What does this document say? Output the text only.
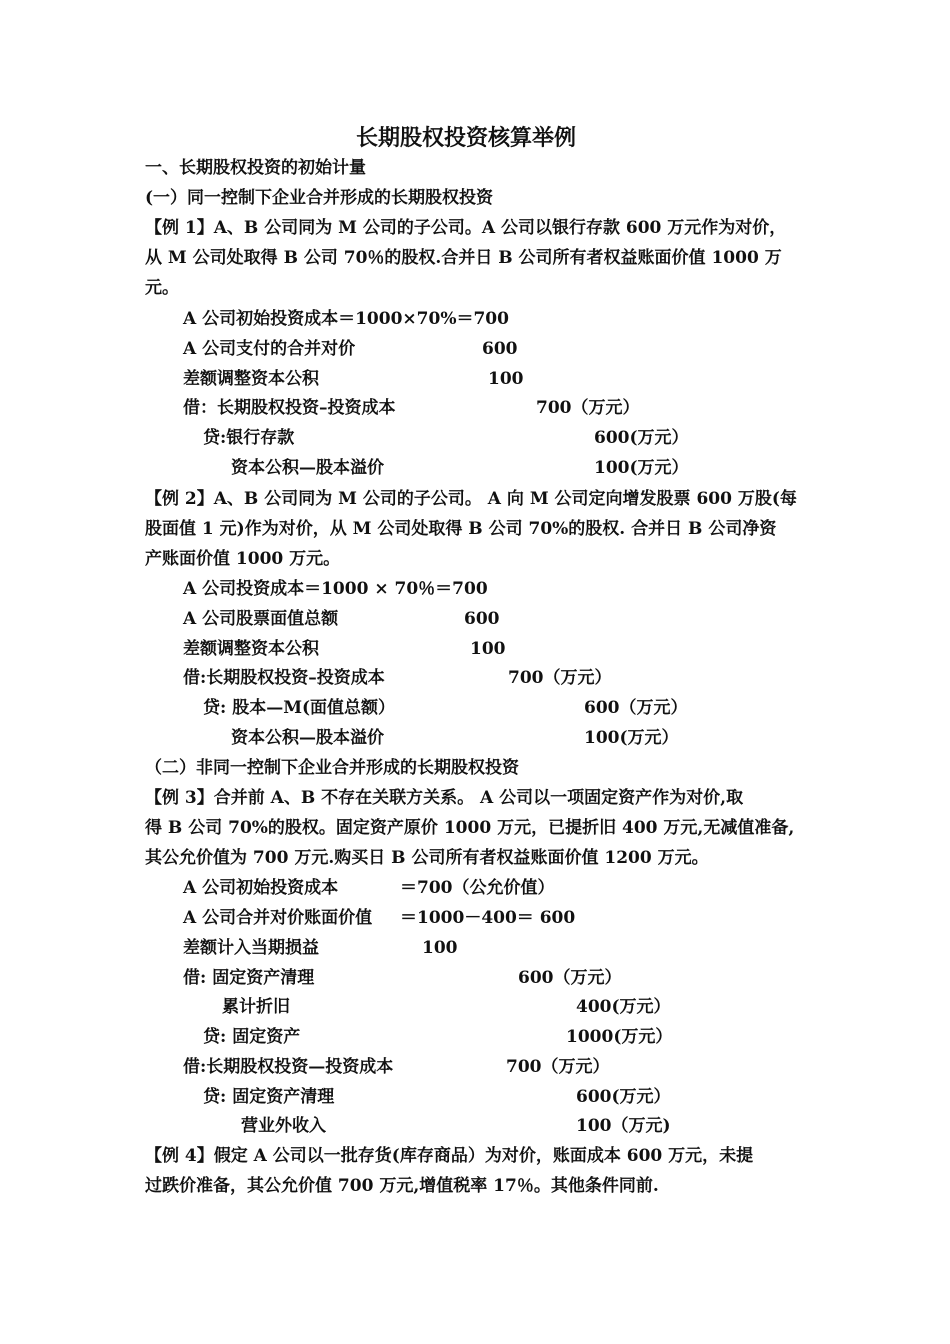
长期股权投资核算举例
一、长期股权投资的初始计量
(一）同一控制下企业合并形成的长期股权投资
【例 1】A、B 公司同为 M 公司的子公司。A 公司以银行存款 600 万元作为对价，
从 M 公司处取得 B 公司 70％的股权.合并日 B 公司所有者权益账面价值 1000 万
元。
A 公司初始投资成本＝1000×70%＝700
A 公司支付的合并对价	600
差额调整资本公积	100
借：长期股权投资–投资成本	700（万元）
贷:银行存款	600(万元）
资本公积—股本溢价	100(万元）
【例 2】A、B 公司同为 M 公司的子公司。 A 向 M 公司定向增发股票 600 万股(每
股面值 1 元)作为对价，从 M 公司处取得 B 公司 70%的股权. 合并日 B 公司净资
产账面价值 1000 万元。
A 公司投资成本＝1000 × 70％＝700
A 公司股票面值总额	600
差额调整资本公积	100
借:长期股权投资–投资成本	700（万元）
贷: 股本—M(面值总额）	600（万元）
资本公积—股本溢价	100(万元）
（二）非同一控制下企业合并形成的长期股权投资
【例 3】合并前 A、B 不存在关联方关系。 A 公司以一项固定资产作为对价,取
得 B 公司 70%的股权。固定资产原价 1000 万元，已提折旧 400 万元,无减值准备,
其公允价值为 700 万元.购买日 B 公司所有者权益账面价值 1200 万元。
A 公司初始投资成本	＝700（公允价值）
A 公司合并对价账面价值 ＝1000－400＝ 600
差额计入当期损益	100
借: 固定资产清理	600（万元）
累计折旧	400(万元）
贷: 固定资产	1000(万元）
借:长期股权投资—投资成本	700（万元）
贷: 固定资产清理	600(万元）
营业外收入	100（万元)
【例 4】假定 A 公司以一批存货(库存商品）为对价，账面成本 600 万元，未提
过跌价准备，其公允价值 700 万元,增值税率 17％。其他条件同前.
